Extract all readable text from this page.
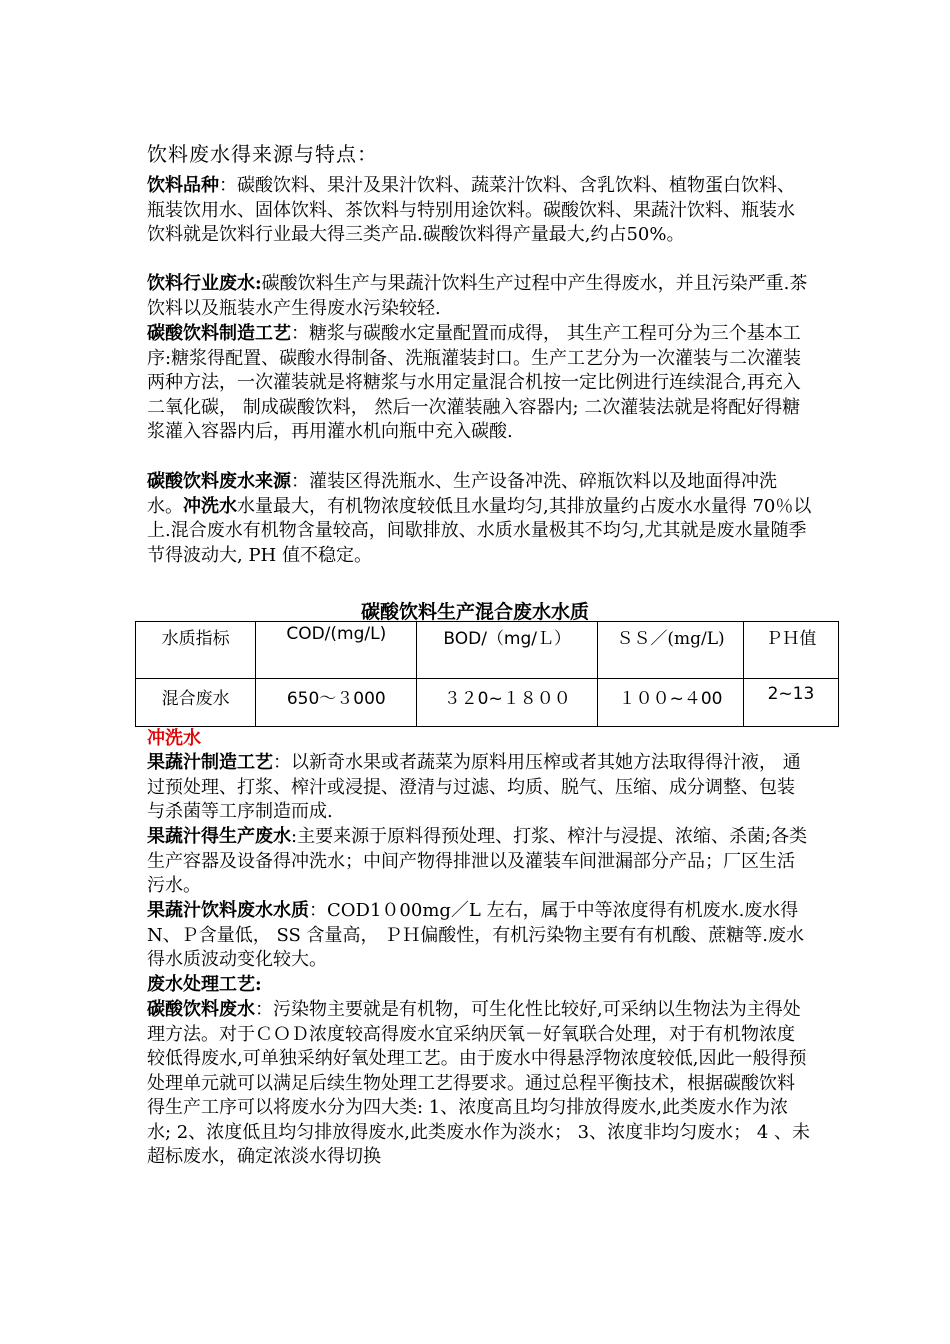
饮料废水得来源与特点：
饮料品种：碳酸饮料、果汁及果汁饮料、蔬菜汁饮料、含乳饮料、植物蛋白饮料、瓶装饮用水、固体饮料、茶饮料与特别用途饮料。碳酸饮料、果蔬汁饮料、瓶装水饮料就是饮料行业最大得三类产品.碳酸饮料得产量最大,约占50%。
饮料行业废水:碳酸饮料生产与果蔬汁饮料生产过程中产生得废水，并且污染严重.茶饮料以及瓶装水产生得废水污染较轻.
碳酸饮料制造工艺：糖浆与碳酸水定量配置而成得， 其生产工程可分为三个基本工序:糖浆得配置、碳酸水得制备、洗瓶灌装封口。生产工艺分为一次灌装与二次灌装两种方法，一次灌装就是将糖浆与水用定量混合机按一定比例进行连续混合,再充入二氧化碳， 制成碳酸饮料， 然后一次灌装融入容器内; 二次灌装法就是将配好得糖浆灌入容器内后，再用灌水机向瓶中充入碳酸.
碳酸饮料废水来源：灌装区得洗瓶水、生产设备冲洗、碎瓶饮料以及地面得冲洗水。冲洗水水量最大，有机物浓度较低且水量均匀,其排放量约占废水水量得 70％以上.混合废水有机物含量较高，间歇排放、水质水量极其不均匀,尤其就是废水量随季节得波动大, PH 值不稳定。
碳酸饮料生产混合废水水质
水质指标	COD/(mg/L)	BOD/（mg/Ｌ）	ＳＳ／(mg/L)	ＰＨ值
混合废水	650～３000	３２0~１８００	１００~４00	2~13
冲洗水
果蔬汁制造工艺：以新奇水果或者蔬菜为原料用压榨或者其她方法取得得汁液， 通过预处理、打浆、榨汁或浸提、澄清与过滤、均质、脱气、压缩、成分调整、包装与杀菌等工序制造而成.
果蔬汁得生产废水:主要来源于原料得预处理、打浆、榨汁与浸提、浓缩、杀菌;各类生产容器及设备得冲洗水；中间产物得排泄以及灌装车间泄漏部分产品；厂区生活污水。
果蔬汁饮料废水水质：COD1０00mg／L 左右，属于中等浓度得有机废水.废水得 N、Ｐ含量低， SS 含量高， ＰＨ偏酸性，有机污染物主要有有机酸、蔗糖等.废水得水质波动变化较大。
废水处理工艺:
碳酸饮料废水：污染物主要就是有机物，可生化性比较好,可采纳以生物法为主得处理方法。对于ＣＯＤ浓度较高得废水宜采纳厌氧－好氧联合处理，对于有机物浓度较低得废水,可单独采纳好氧处理工艺。由于废水中得悬浮物浓度较低,因此一般得预处理单元就可以满足后续生物处理工艺得要求。通过总程平衡技术，根据碳酸饮料得生产工序可以将废水分为四大类: 1、浓度高且均匀排放得废水,此类废水作为浓水; 2、浓度低且均匀排放得废水,此类废水作为淡水； 3、浓度非均匀废水； 4 、未超标废水，确定浓淡水得切换
